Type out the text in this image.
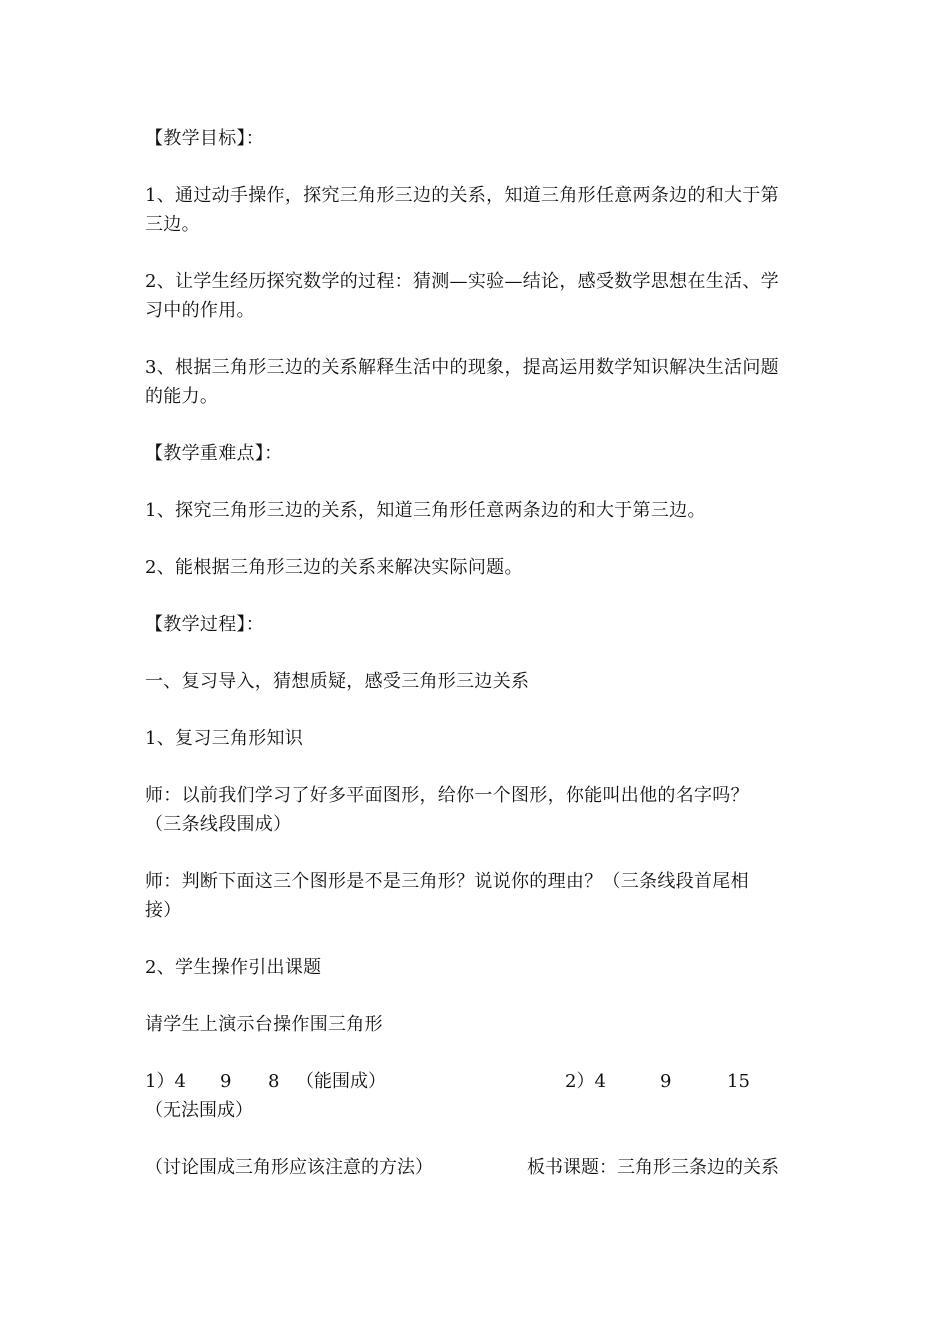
【教学目标】：
1、通过动手操作，探究三角形三边的关系，知道三角形任意两条边的和大于第
三边。
2、让学生经历探究数学的过程：猜测—实验—结论，感受数学思想在生活、学
习中的作用。
3、根据三角形三边的关系解释生活中的现象，提高运用数学知识解决生活问题
的能力。
【教学重难点】：
1、探究三角形三边的关系，知道三角形任意两条边的和大于第三边。
2、能根据三角形三边的关系来解决实际问题。
【教学过程】：
一、复习导入，猜想质疑，感受三角形三边关系
1、复习三角形知识
师：以前我们学习了好多平面图形，给你一个图形，你能叫出他的名字吗？
（三条线段围成）
师：判断下面这三个图形是不是三角形？说说你的理由？（三条线段首尾相
接）
2、学生操作引出课题
请学生上演示台操作围三角形
1）4 9 8 （能围成）	2）4	9	15
（无法围成）
（讨论围成三角形应该注意的方法）	板书课题：三角形三条边的关系
